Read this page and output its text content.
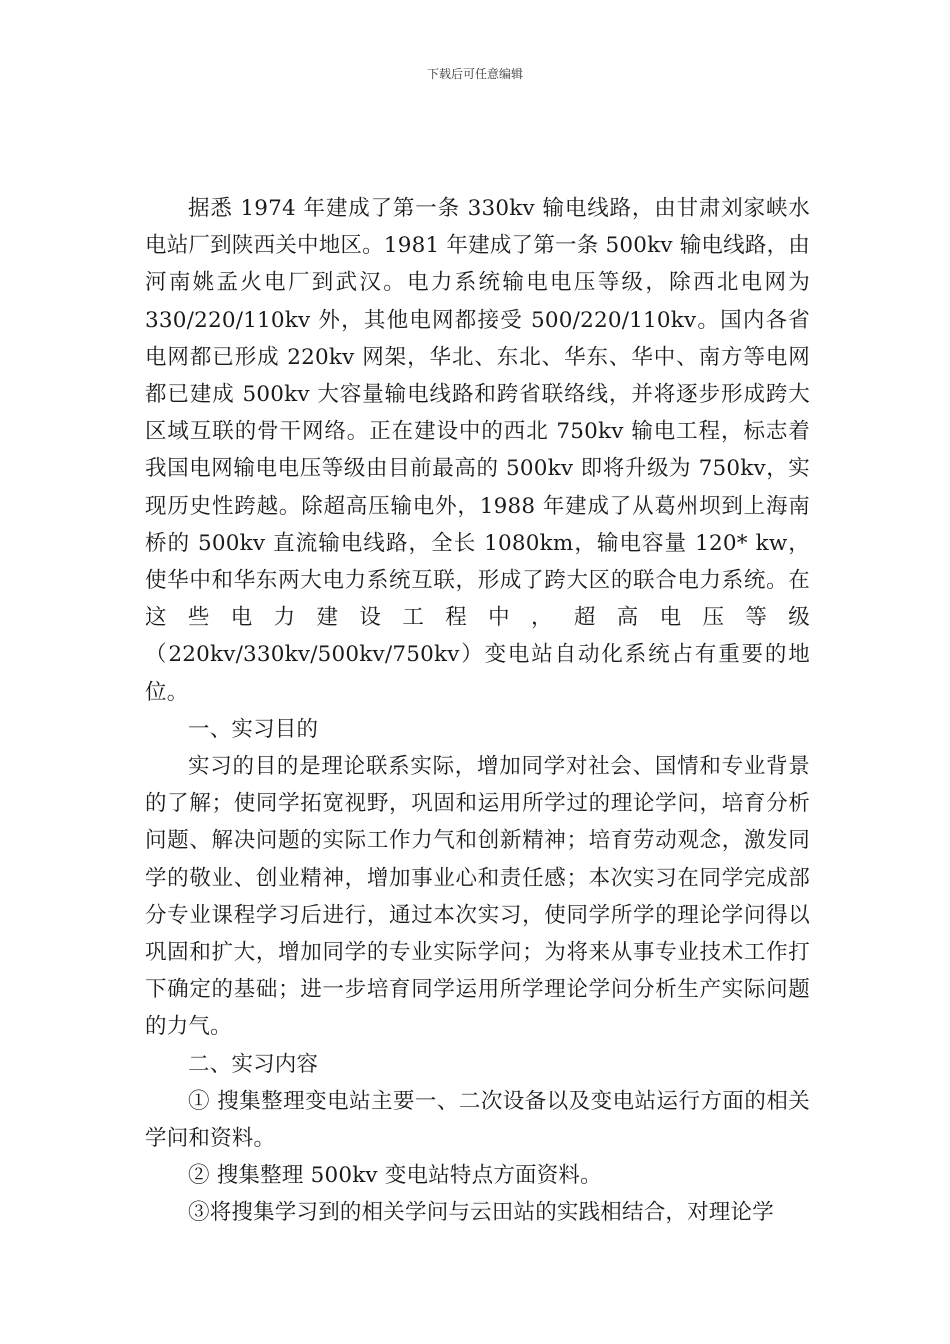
下载后可任意编辑

据悉 1974 年建成了第一条 330kv 输电线路，由甘肃刘家峡水电站厂到陕西关中地区。1981 年建成了第一条 500kv 输电线路，由河南姚孟火电厂到武汉。电力系统输电电压等级，除西北电网为 330/220/110kv 外，其他电网都接受 500/220/110kv。国内各省电网都已形成 220kv 网架，华北、东北、华东、华中、南方等电网都已建成 500kv 大容量输电线路和跨省联络线，并将逐步形成跨大区域互联的骨干网络。正在建设中的西北 750kv 输电工程，标志着我国电网输电电压等级由目前最高的 500kv 即将升级为 750kv，实现历史性跨越。除超高压输电外，1988 年建成了从葛州坝到上海南桥的 500kv 直流输电线路，全长 1080km，输电容量 120* kw，使华中和华东两大电力系统互联，形成了跨大区的联合电力系统。在这些电力建设工程中，超高电压等级（220kv/330kv/500kv/750kv）变电站自动化系统占有重要的地位。

一、实习目的

实习的目的是理论联系实际，增加同学对社会、国情和专业背景的了解；使同学拓宽视野，巩固和运用所学过的理论学问，培育分析问题、解决问题的实际工作力气和创新精神；培育劳动观念，激发同学的敬业、创业精神，增加事业心和责任感；本次实习在同学完成部分专业课程学习后进行，通过本次实习，使同学所学的理论学问得以巩固和扩大，增加同学的专业实际学问；为将来从事专业技术工作打下确定的基础；进一步培育同学运用所学理论学问分析生产实际问题的力气。

二、实习内容

① 搜集整理变电站主要一、二次设备以及变电站运行方面的相关学问和资料。

② 搜集整理 500kv 变电站特点方面资料。

③将搜集学习到的相关学问与云田站的实践相结合，对理论学
